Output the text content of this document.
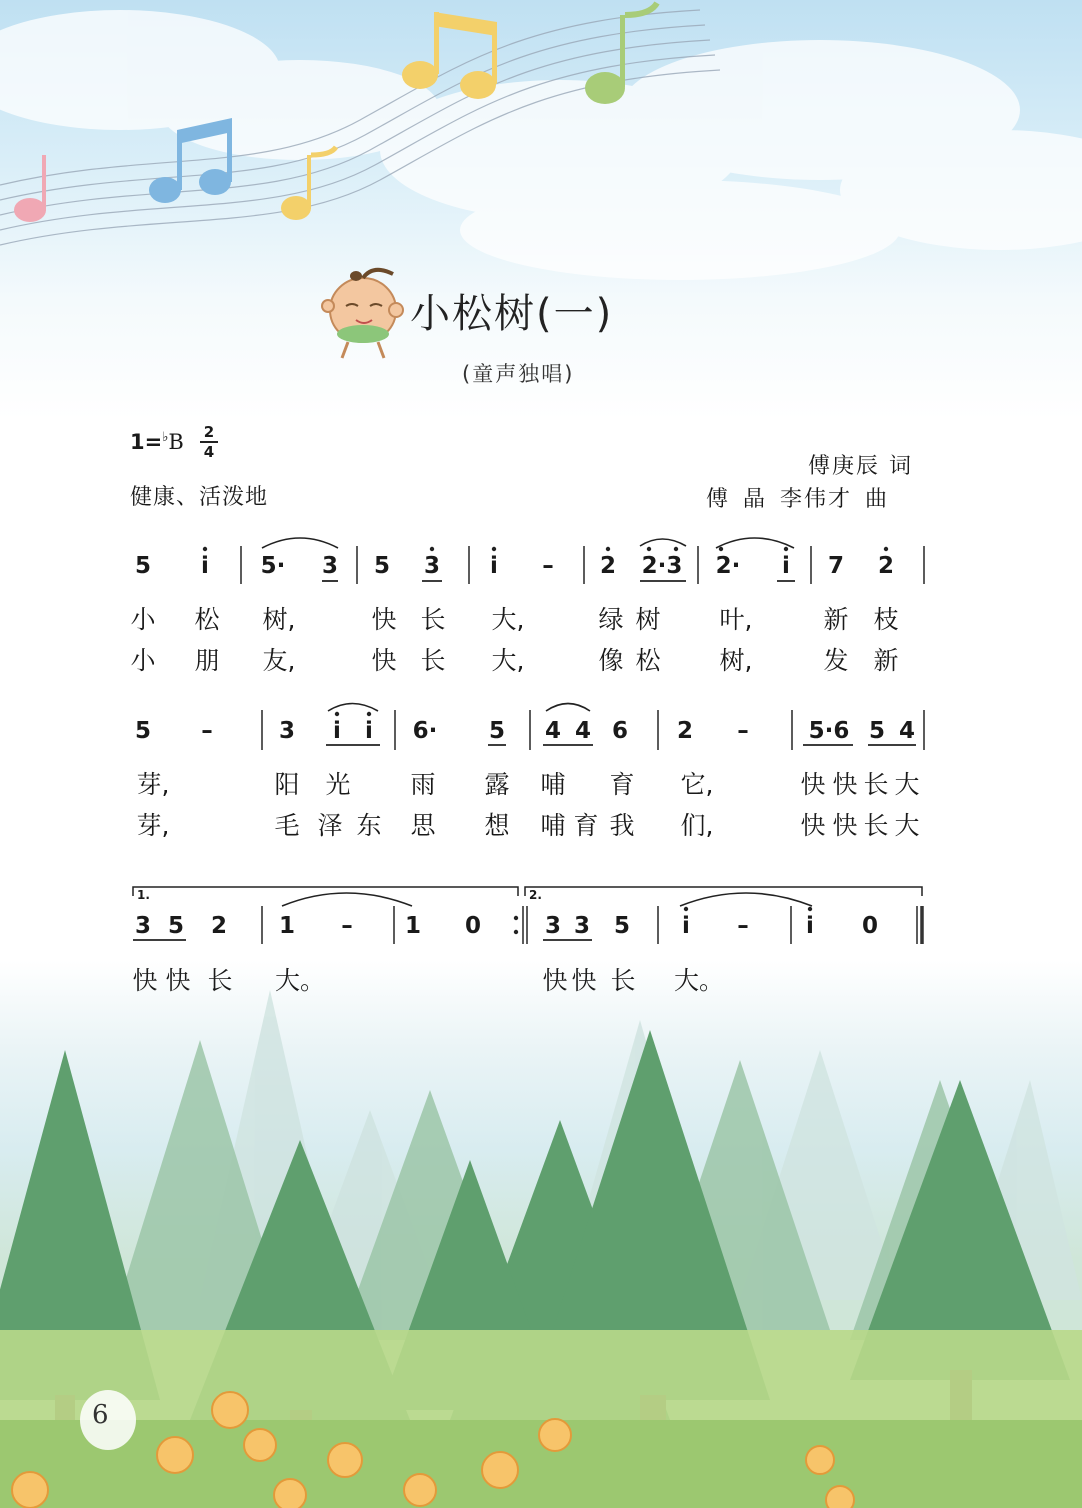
小松树(一)
(童声独唱)
1=♭B 2
4
健康、活泼地
傅庚辰 词
傅 晶 李伟才 曲
5 i 5· 3 5 3 i – 2 2·3 2· i 7 2
5 –	3 i i 6· 5 4 4 6 2 –	5·6 5 4
3 5 2 1 – 1 0	3 3 5 i – i 0
1.	2.
小 松 树,	快 长 大,	绿 树 叶,	新 枝
小 朋 友,	快 长 大,	像 松 树,	发 新
芽,	阳 光 雨 露 哺 育 它,	快 快 长 大
芽,	毛 泽 东 思 想 哺 育 我 们,	快 快 长 大
快 快 长 大。	快 快 长 大。
6
